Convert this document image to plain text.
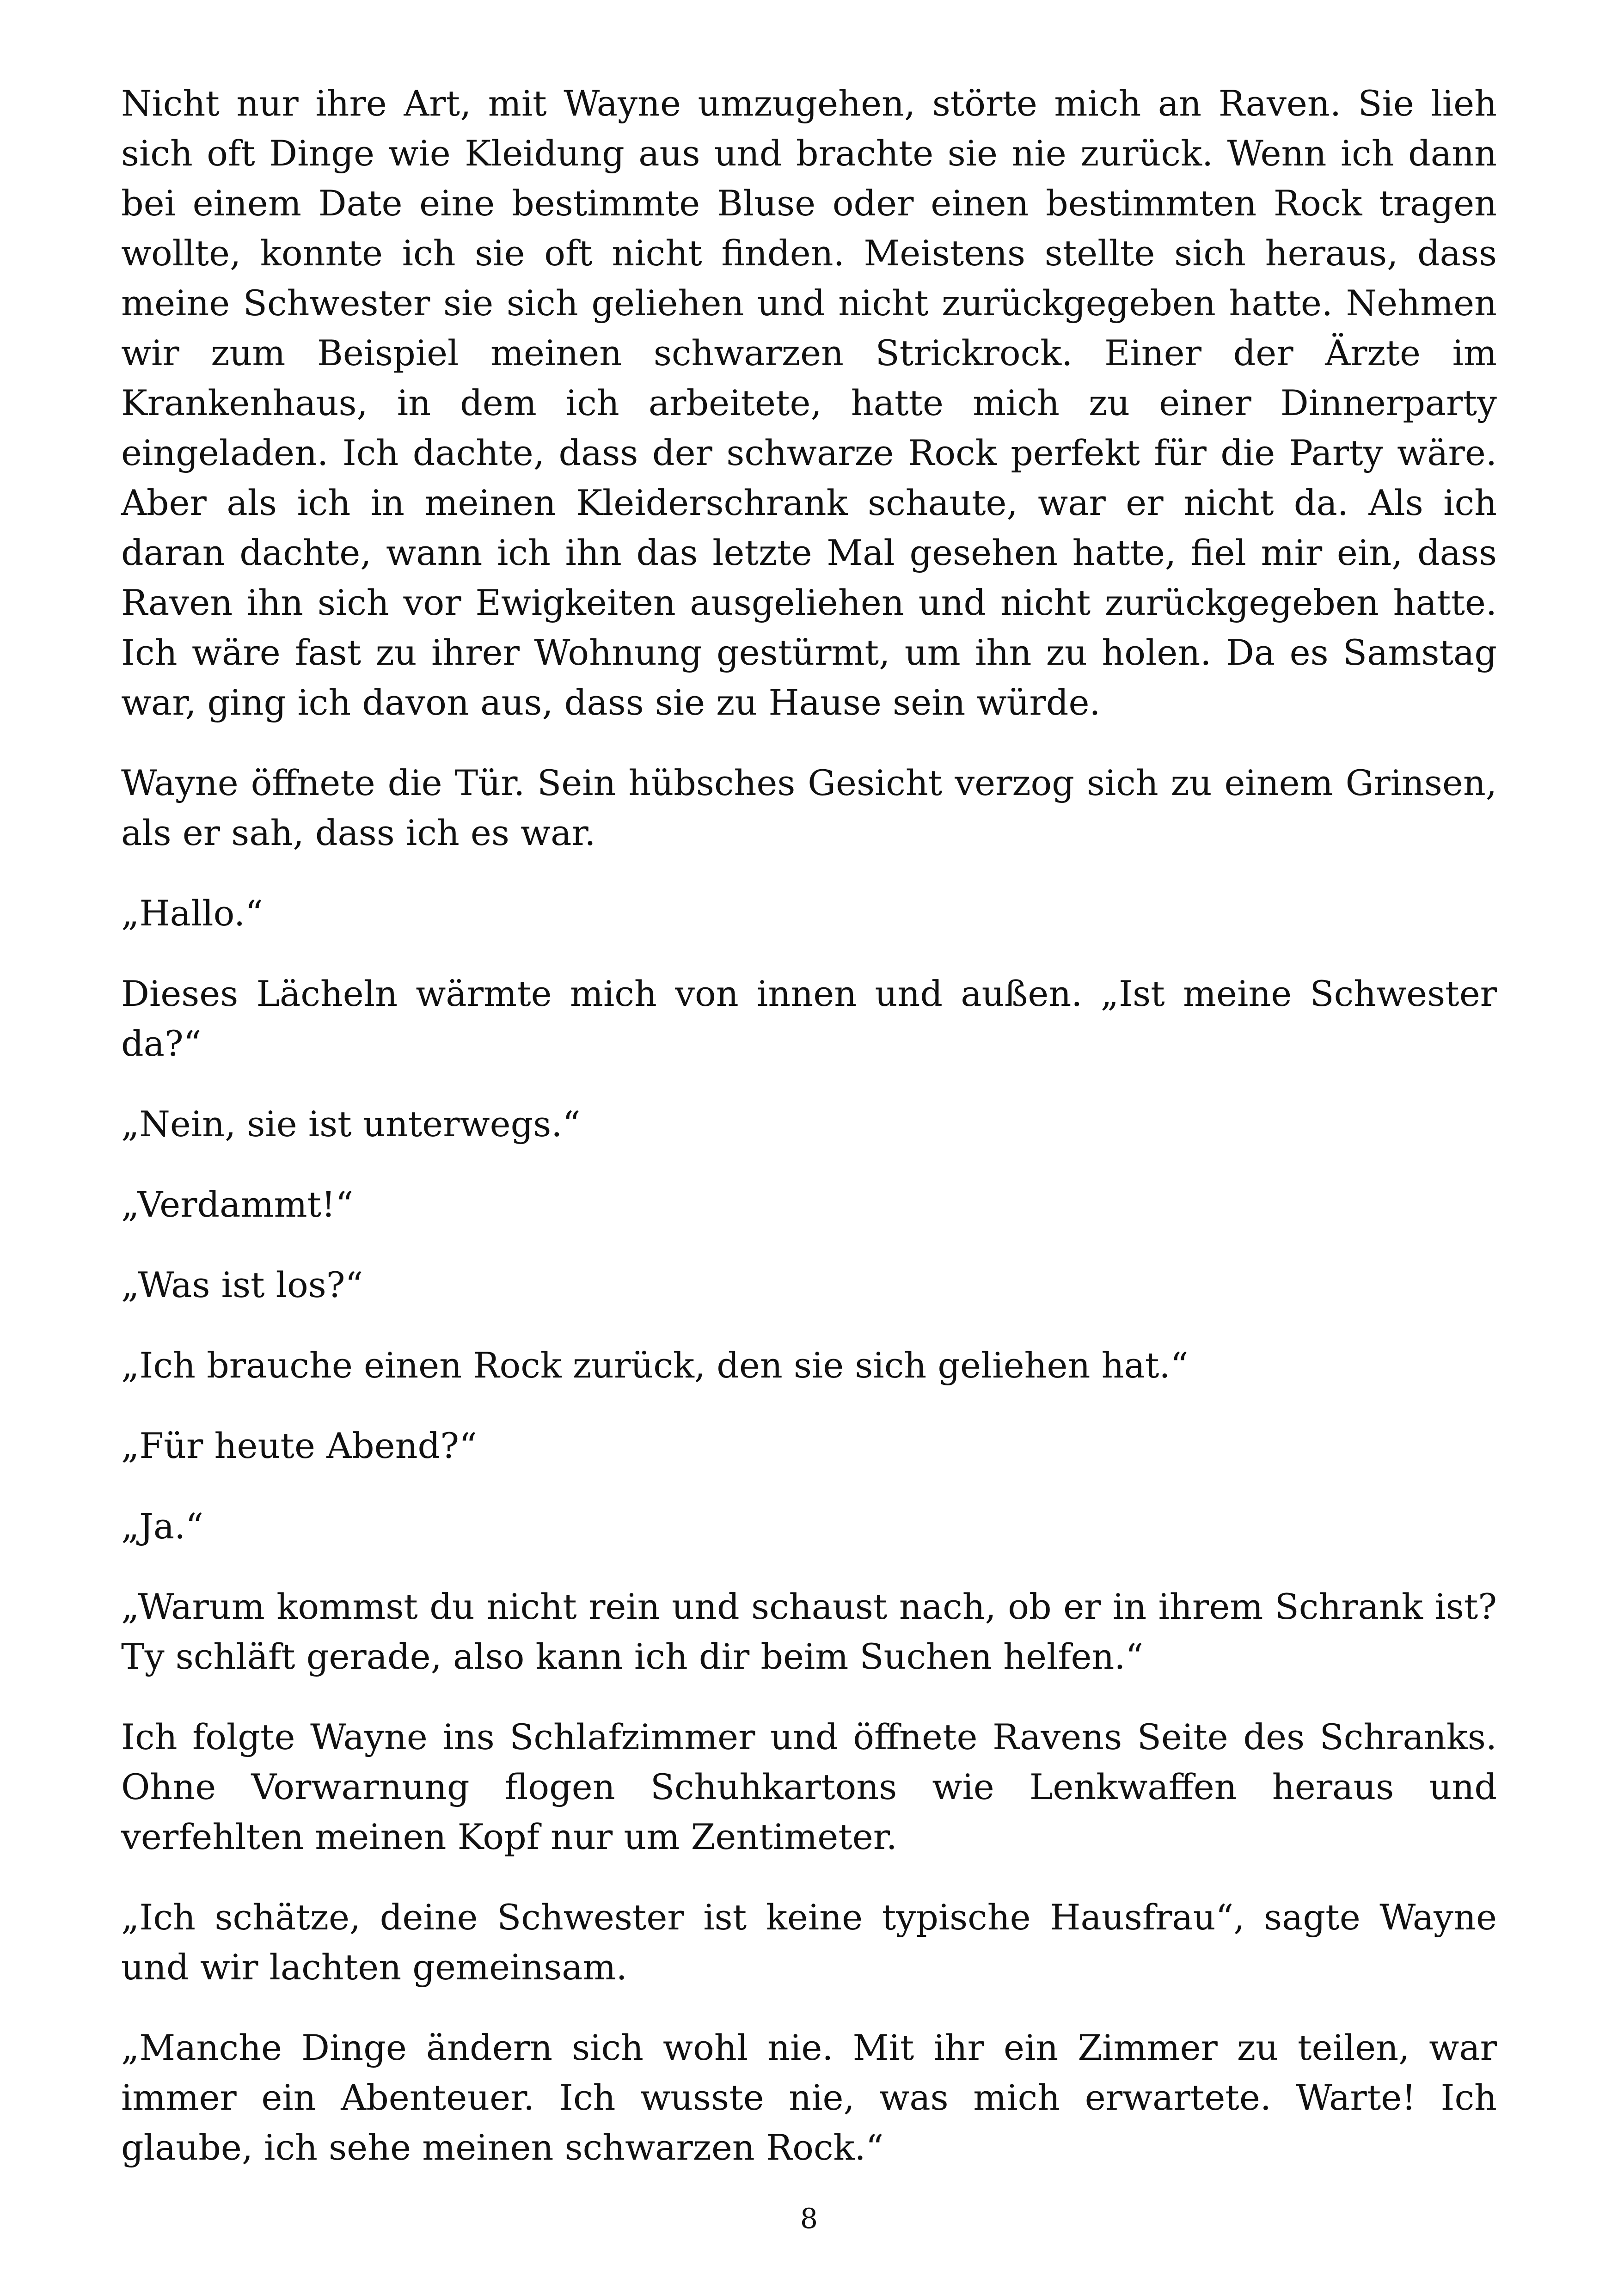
Nicht nur ihre Art, mit Wayne umzugehen, störte mich an Raven. Sie lieh sich oft Dinge wie Kleidung aus und brachte sie nie zurück. Wenn ich dann bei einem Date eine bestimmte Bluse oder einen bestimmten Rock tragen wollte, konnte ich sie oft nicht finden. Meistens stellte sich heraus, dass meine Schwester sie sich geliehen und nicht zurückgegeben hatte. Nehmen wir zum Beispiel meinen schwarzen Strickrock. Einer der Ärzte im Krankenhaus, in dem ich arbeitete, hatte mich zu einer Dinnerparty eingeladen. Ich dachte, dass der schwarze Rock perfekt für die Party wäre. Aber als ich in meinen Kleiderschrank schaute, war er nicht da. Als ich daran dachte, wann ich ihn das letzte Mal gesehen hatte, fiel mir ein, dass Raven ihn sich vor Ewigkeiten ausgeliehen und nicht zurückgegeben hatte. Ich wäre fast zu ihrer Wohnung gestürmt, um ihn zu holen. Da es Samstag war, ging ich davon aus, dass sie zu Hause sein würde.

Wayne öffnete die Tür. Sein hübsches Gesicht verzog sich zu einem Grinsen, als er sah, dass ich es war.

„Hallo.“

Dieses Lächeln wärmte mich von innen und außen. „Ist meine Schwester da?“

„Nein, sie ist unterwegs.“

„Verdammt!“

„Was ist los?“

„Ich brauche einen Rock zurück, den sie sich geliehen hat.“

„Für heute Abend?“

„Ja.“

„Warum kommst du nicht rein und schaust nach, ob er in ihrem Schrank ist? Ty schläft gerade, also kann ich dir beim Suchen helfen.“

Ich folgte Wayne ins Schlafzimmer und öffnete Ravens Seite des Schranks. Ohne Vorwarnung flogen Schuhkartons wie Lenkwaffen heraus und verfehlten meinen Kopf nur um Zentimeter.

„Ich schätze, deine Schwester ist keine typische Hausfrau“, sagte Wayne und wir lachten gemeinsam.

„Manche Dinge ändern sich wohl nie. Mit ihr ein Zimmer zu teilen, war immer ein Abenteuer. Ich wusste nie, was mich erwartete. Warte! Ich glaube, ich sehe meinen schwarzen Rock.“

8
